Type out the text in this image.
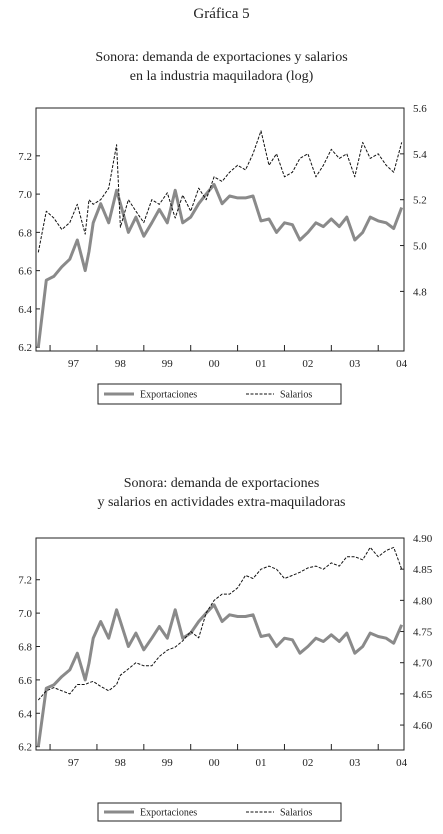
Gráfica 5
Sonora: demanda de exportaciones y salarios
en la industria maquiladora (log)
6.2
6.4
6.6
6.8
7.0
7.2
4.8
5.0
5.2
5.4
5.6
97	98	99	00	01	02	03	04
Exportaciones	Salarios
Sonora: demanda de exportaciones
y salarios en actividades extra-maquiladoras
6.2
6.4
6.6
6.8
7.0
7.2
4.60
4.65
4.70
4.75
4.80
4.85
4.90
97	98	99	00	01	02	03	04
Exportaciones	Salarios
